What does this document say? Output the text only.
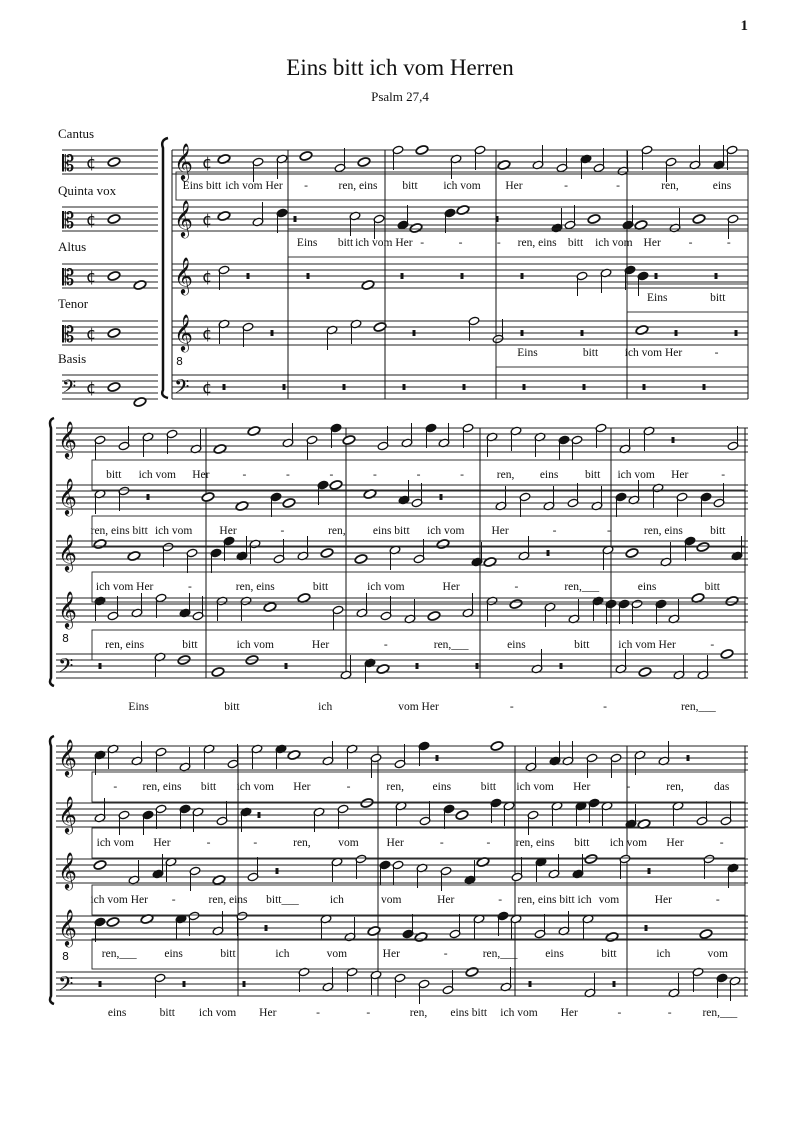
1
Eins bitt ich vom Herren
Psalm 27,4
Cantus
Quinta vox
Altus
Tenor
Basis
𝄡 ¢ 𝄞 ¢
𝄡 ¢ 𝄞 ¢
𝄡 ¢ 𝄞 ¢
𝄡 ¢ 𝄞 ¢
8
𝄢 ¢	𝄢 ¢
𝄞
𝄞
𝄞
𝄞
8
𝄢
𝄞
𝄞
𝄞
𝄞
8
𝄢
Eins bitt ich vom Her -	ren, eins bitt ich vom Her	-	-	ren,	eins
Eins bitt ich vom Her -	-	- ren, eins bitt ich vom Her -	-
Eins	bitt
Eins	bitt ich vom Her	-
bitt ich vom Her	-	-	-	-	-	-	ren, eins bitt ich vom Her	-
ren, eins bitt ich vom Her	-	ren, eins bitt ich vom Her	-	-	ren, eins bitt
ich vom Her	-	ren, eins	bitt	ich vom	Her	-	ren,___	eins	bitt
ren, eins	bitt	ich vom	Her	-	ren,___	eins	bitt	ich vom Her	-
Eins	bitt	ich	vom Her	-	-	ren,___
- ren, eins bitt ich vom Her	-	ren, eins	bitt ich vom Her	-	ren,	das
ich vom Her	-	-	ren, vom Her	-	- ren, eins bitt ich vom Her	-
ich vom Her -	ren, eins bitt___	ich	vom	Her	- ren, eins bitt ich vom	Her	-
ren,___ eins	bitt	ich	vom	Her	-	ren,___ eins	bitt	ich	vom
eins	bitt ich vom Her	-	-	ren, eins bitt ich vom Her	-	-	ren,___
